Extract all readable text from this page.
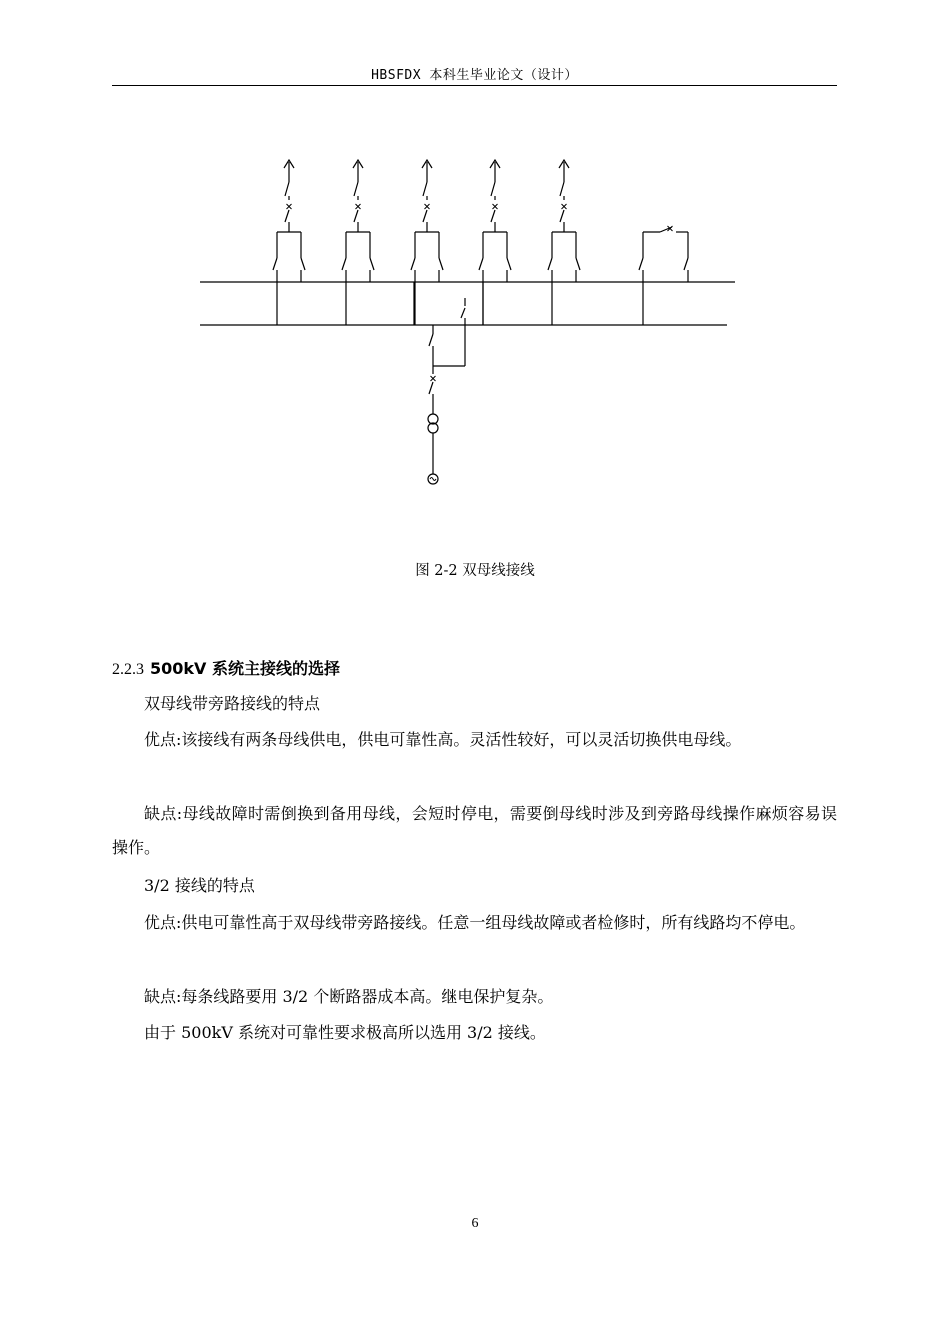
HBSFDX 本科生毕业论文（设计）
图 2-2 双母线接线
2.2.3 500kV 系统主接线的选择
双母线带旁路接线的特点
优点:该接线有两条母线供电，供电可靠性高。灵活性较好，可以灵活切换供电母线。
缺点:母线故障时需倒换到备用母线，会短时停电，需要倒母线时涉及到旁路母线操作麻烦容易误操作。
3/2 接线的特点
优点:供电可靠性高于双母线带旁路接线。任意一组母线故障或者检修时，所有线路均不停电。
缺点:每条线路要用 3/2 个断路器成本高。继电保护复杂。
由于 500kV 系统对可靠性要求极高所以选用 3/2 接线。
6
